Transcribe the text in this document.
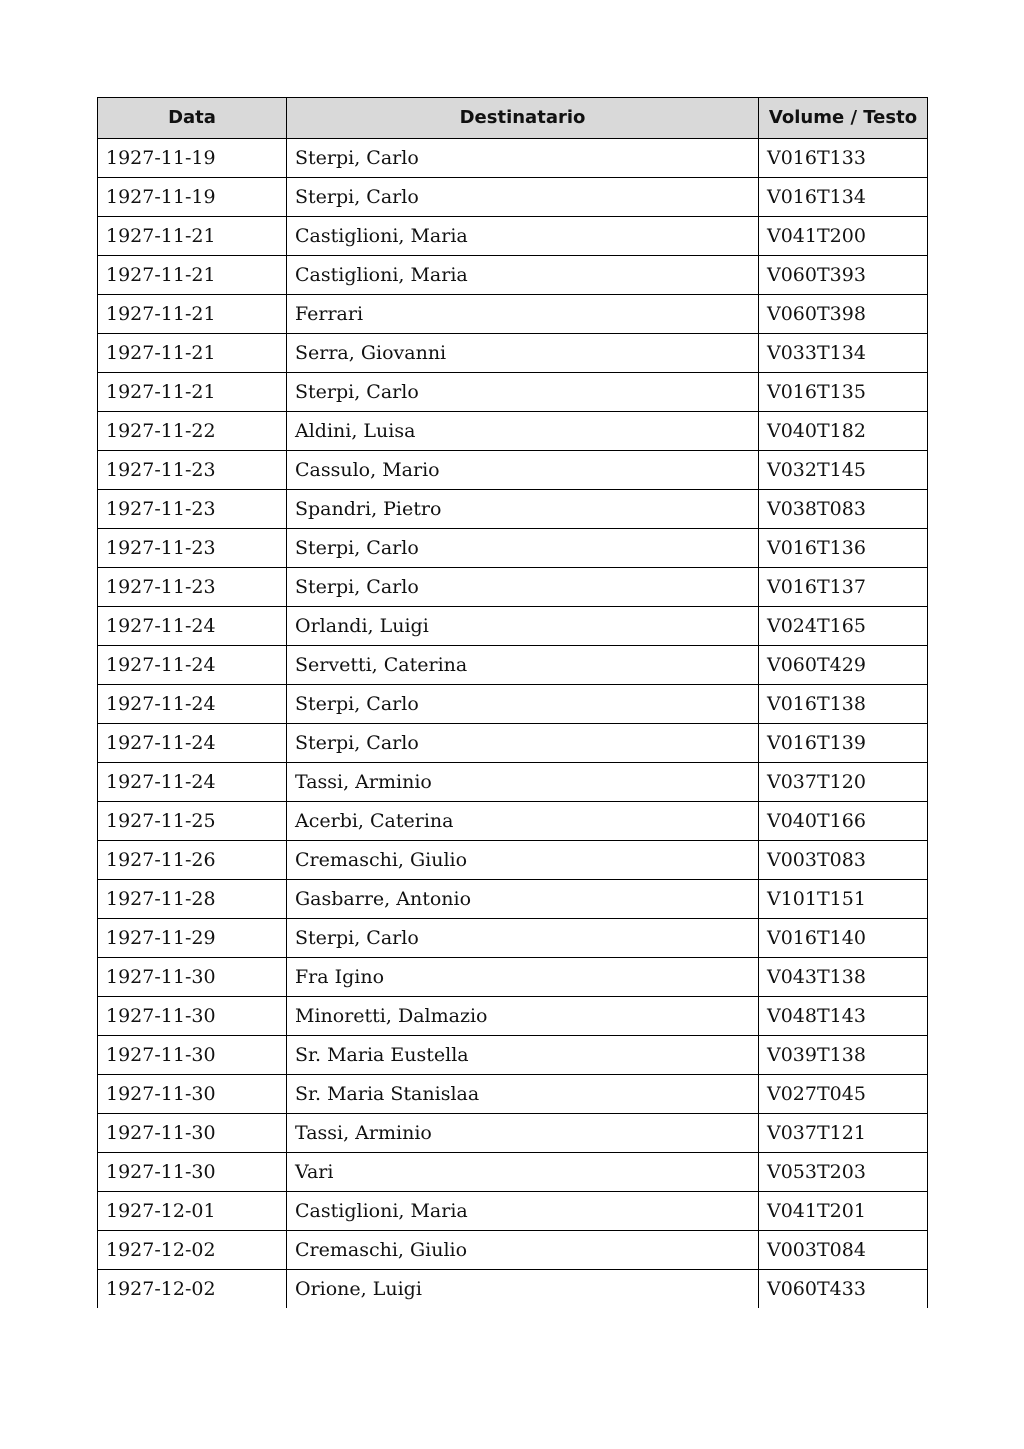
Data	Destinatario	Volume / Testo
1927-11-19	Sterpi, Carlo	V016T133
1927-11-19	Sterpi, Carlo	V016T134
1927-11-21	Castiglioni, Maria	V041T200
1927-11-21	Castiglioni, Maria	V060T393
1927-11-21	Ferrari	V060T398
1927-11-21	Serra, Giovanni	V033T134
1927-11-21	Sterpi, Carlo	V016T135
1927-11-22	Aldini, Luisa	V040T182
1927-11-23	Cassulo, Mario	V032T145
1927-11-23	Spandri, Pietro	V038T083
1927-11-23	Sterpi, Carlo	V016T136
1927-11-23	Sterpi, Carlo	V016T137
1927-11-24	Orlandi, Luigi	V024T165
1927-11-24	Servetti, Caterina	V060T429
1927-11-24	Sterpi, Carlo	V016T138
1927-11-24	Sterpi, Carlo	V016T139
1927-11-24	Tassi, Arminio	V037T120
1927-11-25	Acerbi, Caterina	V040T166
1927-11-26	Cremaschi, Giulio	V003T083
1927-11-28	Gasbarre, Antonio	V101T151
1927-11-29	Sterpi, Carlo	V016T140
1927-11-30	Fra Igino	V043T138
1927-11-30	Minoretti, Dalmazio	V048T143
1927-11-30	Sr. Maria Eustella	V039T138
1927-11-30	Sr. Maria Stanislaa	V027T045
1927-11-30	Tassi, Arminio	V037T121
1927-11-30	Vari	V053T203
1927-12-01	Castiglioni, Maria	V041T201
1927-12-02	Cremaschi, Giulio	V003T084
1927-12-02	Orione, Luigi	V060T433
